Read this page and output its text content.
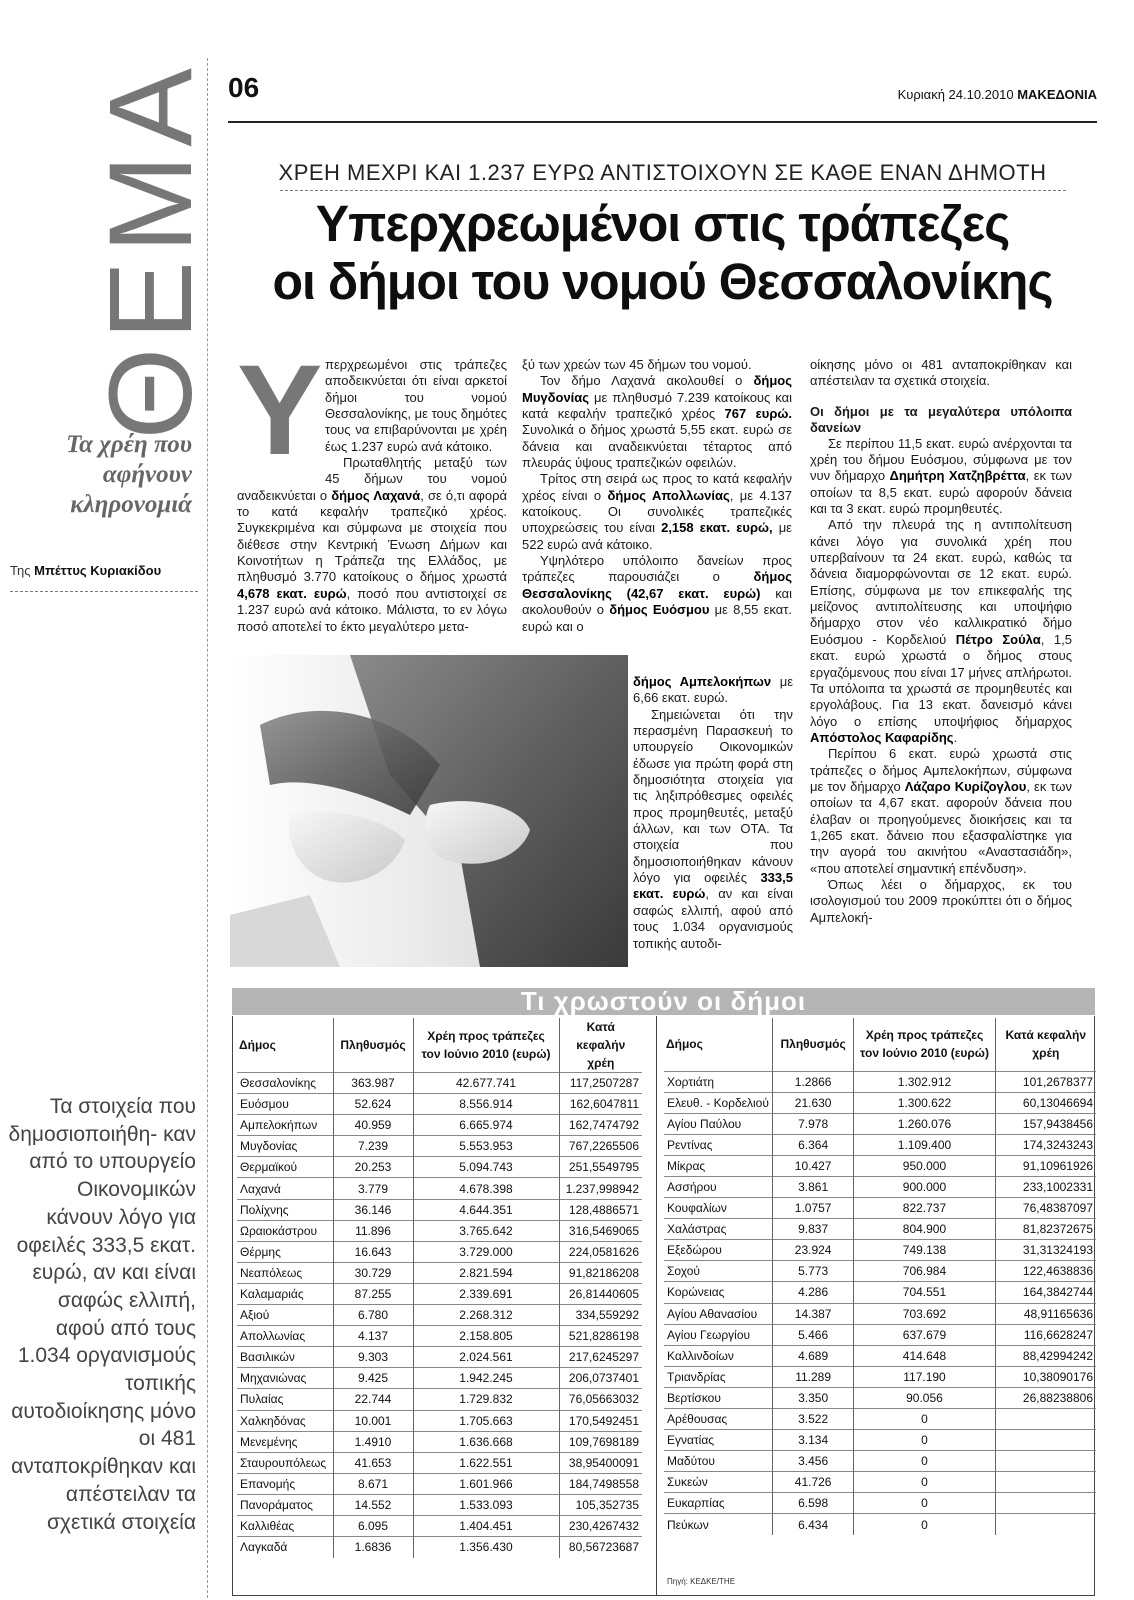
ΘΕΜΑ
Τα χρέη που αφήνουν κληρονομιά
Της Μπέττυς Κυριακίδου
Τα στοιχεία που δημοσιοποιήθη- καν από το υπουργείο Οικονομικών κάνουν λόγο για οφειλές 333,5 εκατ. ευρώ, αν και είναι σαφώς ελλιπή, αφού από τους 1.034 οργανισμούς τοπικής αυτοδιοίκησης μόνο οι 481 ανταποκρίθηκαν και απέστειλαν τα σχετικά στοιχεία
06	Κυριακή 24.10.2010 ΜΑΚΕΔΟΝΙΑ
ΧΡΕΗ ΜΕΧΡΙ ΚΑΙ 1.237 ΕΥΡΩ ΑΝΤΙΣΤΟΙΧΟΥΝ ΣΕ ΚΑΘΕ ΕΝΑΝ ΔΗΜΟΤΗ
Υπερχρεωμένοι στις τράπεζες
οι δήμοι του νομού Θεσσαλονίκης
Υ περχρεωμένοι στις τράπεζες αποδεικνύεται ότι είναι αρκετοί δήμοι του νομού Θεσσαλονίκης, με τους δημότες τους να επιβαρύνονται με χρέη έως 1.237 ευρώ ανά κάτοικο.

Πρωταθλητής μεταξύ των 45 δήμων του νομού αναδεικνύεται ο δήμος Λαχανά, σε ό,τι αφορά το κατά κεφαλήν τραπεζικό χρέος. Συγκεκριμένα και σύμφωνα με στοιχεία που διέθεσε στην Κεντρική Ένωση Δήμων και Κοινοτήτων η Τράπεζα της Ελλάδος, με πληθυσμό 3.770 κατοίκους ο δήμος χρωστά 4,678 εκατ. ευρώ, ποσό που αντιστοιχεί σε 1.237 ευρώ ανά κάτοικο. Μάλιστα, το εν λόγω ποσό αποτελεί το έκτο μεγαλύτερο μετα-

ξύ των χρεών των 45 δήμων του νομού.

Τον δήμο Λαχανά ακολουθεί ο δήμος Μυγδονίας με πληθυσμό 7.239 κατοίκους και κατά κεφαλήν τραπεζικό χρέος 767 ευρώ. Συνολικά ο δήμος χρωστά 5,55 εκατ. ευρώ σε δάνεια και αναδεικνύεται τέταρτος από πλευράς ύψους τραπεζικών οφειλών.

Τρίτος στη σειρά ως προς το κατά κεφαλήν χρέος είναι ο δήμος Απολλωνίας, με 4.137 κατοίκους. Οι συνολικές τραπεζικές υποχρεώσεις του είναι 2,158 εκατ. ευρώ, με 522 ευρώ ανά κάτοικο.

Υψηλότερο υπόλοιπο δανείων προς τράπεζες παρουσιάζει ο δήμος Θεσσαλονίκης (42,67 εκατ. ευρώ) και ακολουθούν ο δήμος Ευόσμου με 8,55 εκατ. ευρώ και ο

δήμος Αμπελοκήπων με 6,66 εκατ. ευρώ.

Σημειώνεται ότι την περασμένη Παρασκευή το υπουργείο Οικονομικών έδωσε για πρώτη φορά στη δημοσιότητα στοιχεία για τις ληξιπρόθεσμες οφειλές προς προμηθευτές, μεταξύ άλλων, και των ΟΤΑ. Τα στοιχεία που δημοσιοποιήθηκαν κάνουν λόγο για οφειλές 333,5 εκατ. ευρώ, αν και είναι σαφώς ελλιπή, αφού από τους 1.034 οργανισμούς τοπικής αυτοδι-

οίκησης μόνο οι 481 ανταποκρίθηκαν και απέστειλαν τα σχετικά στοιχεία.

Οι δήμοι με τα μεγαλύτερα υπόλοιπα δανείων

Σε περίπου 11,5 εκατ. ευρώ ανέρχονται τα χρέη του δήμου Ευόσμου, σύμφωνα με τον νυν δήμαρχο Δημήτρη Χατζηβρέττα, εκ των οποίων τα 8,5 εκατ. ευρώ αφορούν δάνεια και τα 3 εκατ. ευρώ προμηθευτές.

Από την πλευρά της η αντιπολίτευση κάνει λόγο για συνολικά χρέη που υπερβαίνουν τα 24 εκατ. ευρώ, καθώς τα δάνεια διαμορφώνονται σε 12 εκατ. ευρώ. Επίσης, σύμφωνα με τον επικεφαλής της μείζονος αντιπολίτευσης και υποψήφιο δήμαρχο στον νέο καλλικρατικό δήμο Ευόσμου - Κορδελιού Πέτρο Σούλα, 1,5 εκατ. ευρώ χρωστά ο δήμος στους εργαζόμενους που είναι 17 μήνες απλήρωτοι. Τα υπόλοιπα τα χρωστά σε προμηθευτές και εργολάβους. Για 13 εκατ. δανεισμό κάνει λόγο ο επίσης υποψήφιος δήμαρχος Απόστολος Καφαρίδης.

Περίπου 6 εκατ. ευρώ χρωστά στις τράπεζες ο δήμος Αμπελοκήπων, σύμφωνα με τον δήμαρχο Λάζαρο Κυρίζογλου, εκ των οποίων τα 4,67 εκατ. αφορούν δάνεια που έλαβαν οι προηγούμενες διοικήσεις και τα 1,265 εκατ. δάνειο που εξασφαλίστηκε για την αγορά του ακινήτου «Αναστασιάδη», «που αποτελεί σημαντική επένδυση».

Όπως λέει ο δήμαρχος, εκ του ισολογισμού του 2009 προκύπτει ότι ο δήμος Αμπελοκή-

Τι χρωστούν οι δήμοι
Δήμος	Πληθυσμός	Χρέη προς τράπεζες
τον Ιούνιο 2010 (ευρώ)	Κατά κεφαλήν
χρέη
Θεσσαλονίκης	363.987	42.677.741	117,2507287
Ευόσμου	52.624	8.556.914	162,6047811
Αμπελοκήπων	40.959	6.665.974	162,7474792
Μυγδονίας	7.239	5.553.953	767,2265506
Θερμαϊκού	20.253	5.094.743	251,5549795
Λαχανά	3.779	4.678.398	1.237,998942
Πολίχνης	36.146	4.644.351	128,4886571
Ωραιοκάστρου	11.896	3.765.642	316,5469065
Θέρμης	16.643	3.729.000	224,0581626
Νεαπόλεως	30.729	2.821.594	91,82186208
Καλαμαριάς	87.255	2.339.691	26,81440605
Αξιού	6.780	2.268.312	334,559292
Απολλωνίας	4.137	2.158.805	521,8286198
Βασιλικών	9.303	2.024.561	217,6245297
Μηχανιώνας	9.425	1.942.245	206,0737401
Πυλαίας	22.744	1.729.832	76,05663032
Χαλκηδόνας	10.001	1.705.663	170,5492451
Μενεμένης	1.4910	1.636.668	109,7698189
Σταυρουπόλεως	41.653	1.622.551	38,95400091
Επανομής	8.671	1.601.966	184,7498558
Πανοράματος	14.552	1.533.093	105,352735
Καλλιθέας	6.095	1.404.451	230,4267432
Λαγκαδά	1.6836	1.356.430	80,56723687
Δήμος	Πληθυσμός	Χρέη προς τράπεζες
τον Ιούνιο 2010 (ευρώ)	Κατά κεφαλήν
χρέη
Χορτιάτη	1.2866	1.302.912	101,2678377
Ελευθ. - Κορδελιού	21.630	1.300.622	60,13046694
Αγίου Παύλου	7.978	1.260.076	157,9438456
Ρεντίνας	6.364	1.109.400	174,3243243
Μίκρας	10.427	950.000	91,10961926
Ασσήρου	3.861	900.000	233,1002331
Κουφαλίων	1.0757	822.737	76,48387097
Χαλάστρας	9.837	804.900	81,82372675
Εξεδώρου	23.924	749.138	31,31324193
Σοχού	5.773	706.984	122,4638836
Κορώνειας	4.286	704.551	164,3842744
Αγίου Αθανασίου	14.387	703.692	48,91165636
Αγίου Γεωργίου	5.466	637.679	116,6628247
Καλλινδοίων	4.689	414.648	88,42994242
Τριανδρίας	11.289	117.190	10,38090176
Βερτίσκου	3.350	90.056	26,88238806
Αρέθουσας	3.522	0	
Εγνατίας	3.134	0	
Μαδύτου	3.456	0	
Συκεών	41.726	0	
Ευκαρπίας	6.598	0	
Πεύκων	6.434	0	
Πηγή: ΚΕΔΚΕ/ΤΗΕ
